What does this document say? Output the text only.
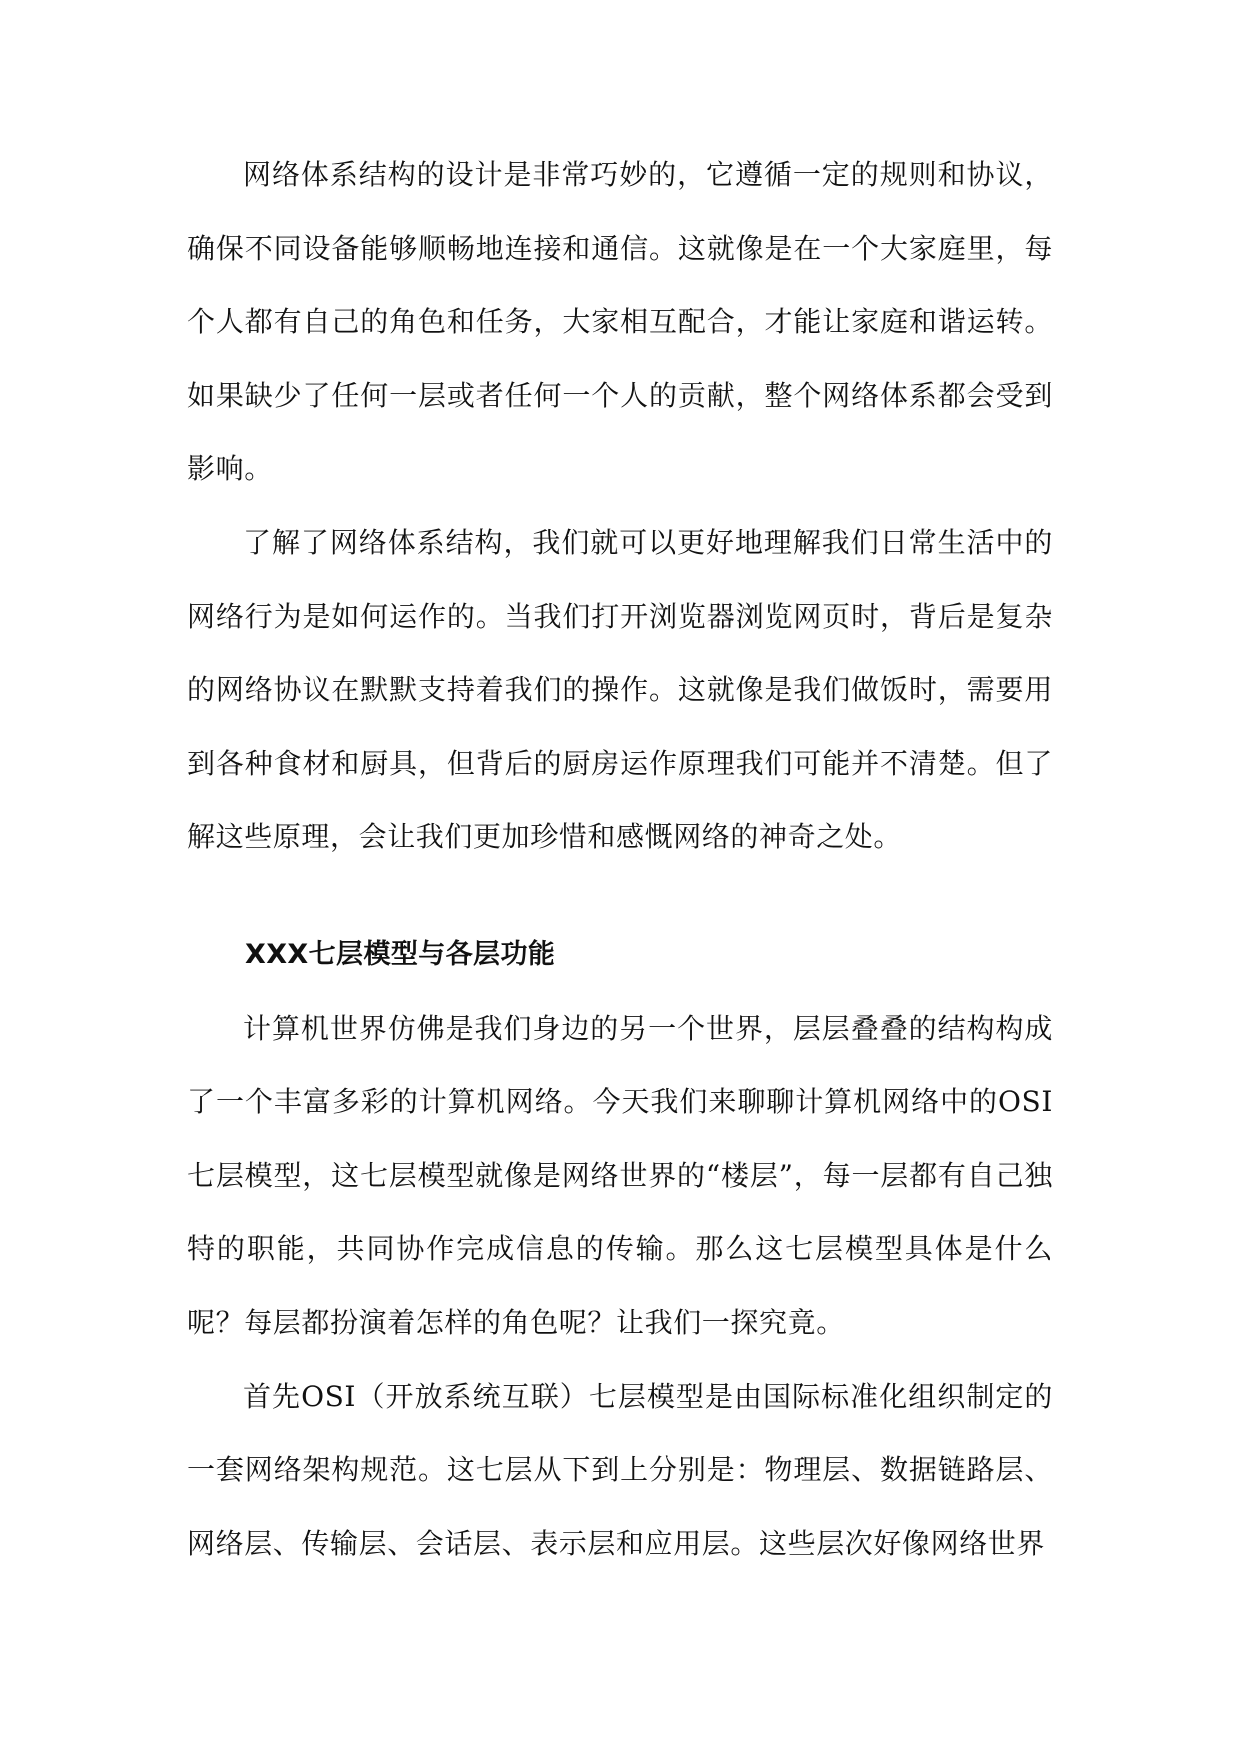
网络体系结构的设计是非常巧妙的，它遵循一定的规则和协议，确保不同设备能够顺畅地连接和通信。这就像是在一个大家庭里，每个人都有自己的角色和任务，大家相互配合，才能让家庭和谐运转。如果缺少了任何一层或者任何一个人的贡献，整个网络体系都会受到影响。

了解了网络体系结构，我们就可以更好地理解我们日常生活中的网络行为是如何运作的。当我们打开浏览器浏览网页时，背后是复杂的网络协议在默默支持着我们的操作。这就像是我们做饭时，需要用到各种食材和厨具，但背后的厨房运作原理我们可能并不清楚。但了解这些原理，会让我们更加珍惜和感慨网络的神奇之处。

XXX七层模型与各层功能

计算机世界仿佛是我们身边的另一个世界，层层叠叠的结构构成了一个丰富多彩的计算机网络。今天我们来聊聊计算机网络中的OSI七层模型，这七层模型就像是网络世界的“楼层”，每一层都有自己独特的职能，共同协作完成信息的传输。那么这七层模型具体是什么呢？每层都扮演着怎样的角色呢？让我们一探究竟。

首先OSI（开放系统互联）七层模型是由国际标准化组织制定的一套网络架构规范。这七层从下到上分别是：物理层、数据链路层、网络层、传输层、会话层、表示层和应用层。这些层次好像网络世界
